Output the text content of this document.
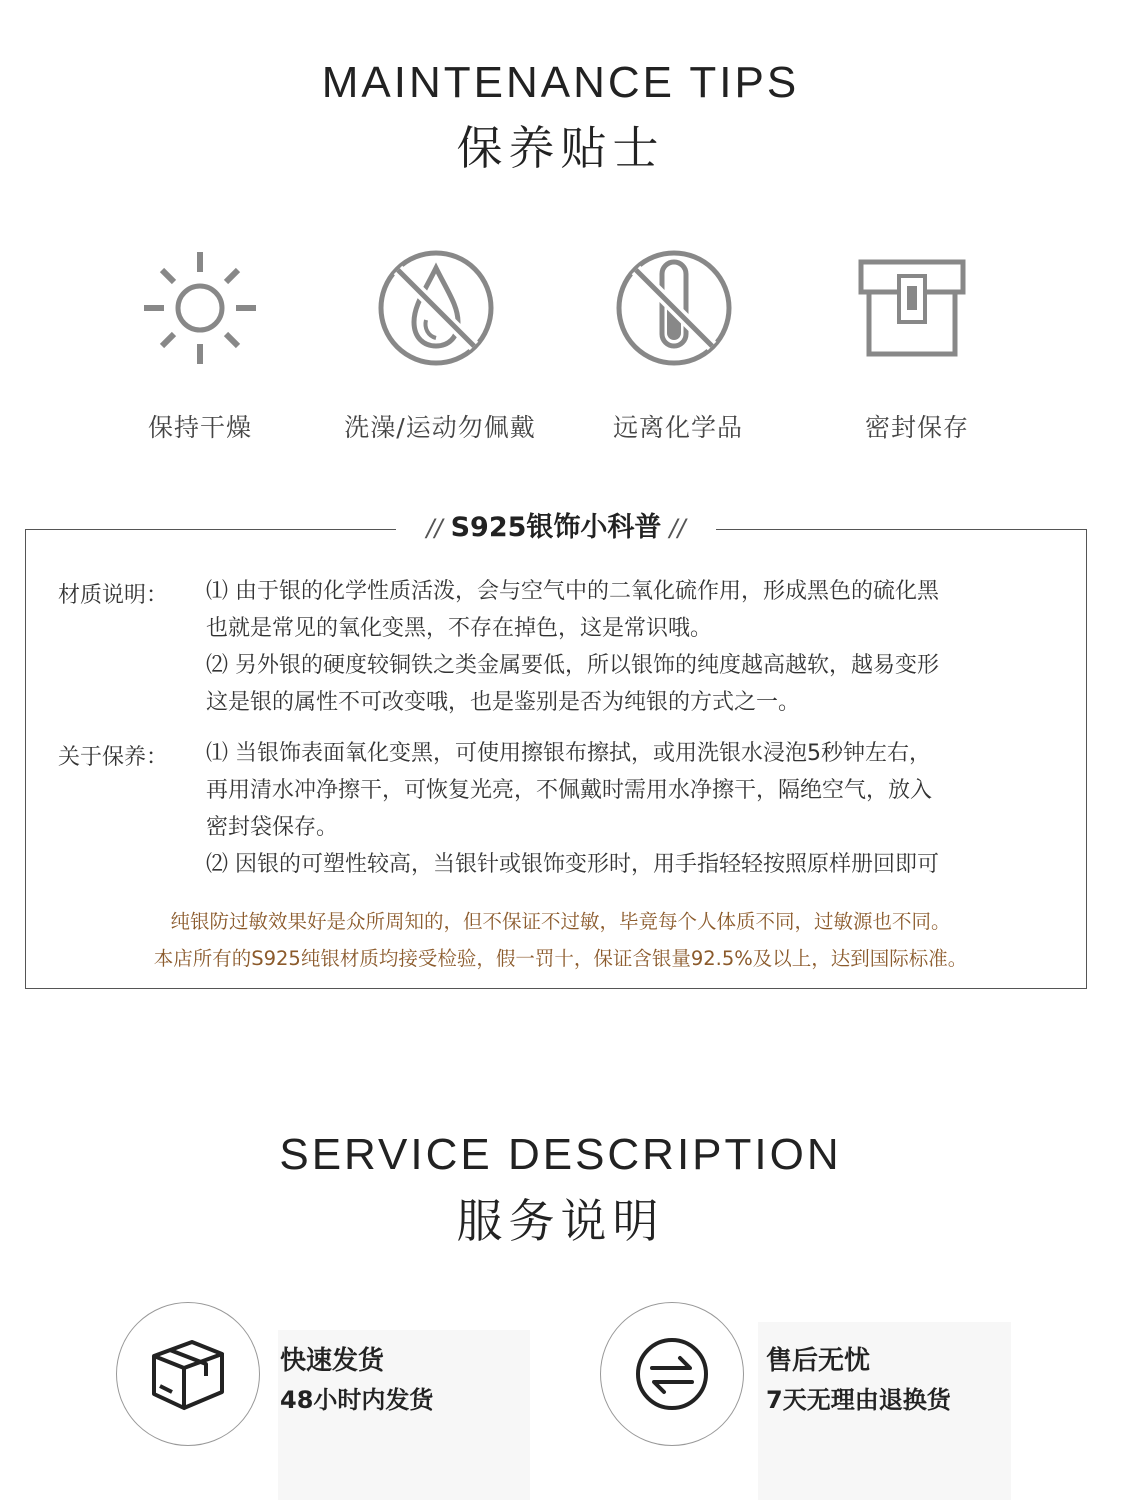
MAINTENANCE TIPS
保养贴士
保持干燥	洗澡/运动勿佩戴	远离化学品	密封保存
// S925银饰小科普 //
材质说明： ⑴ 由于银的化学性质活泼，会与空气中的二氧化硫作用，形成黑色的硫化黑
也就是常见的氧化变黑，不存在掉色，这是常识哦。
⑵ 另外银的硬度较铜铁之类金属要低，所以银饰的纯度越高越软，越易变形
这是银的属性不可改变哦，也是鉴别是否为纯银的方式之一。
关于保养： ⑴ 当银饰表面氧化变黑，可使用擦银布擦拭，或用洗银水浸泡5秒钟左右，
再用清水冲净擦干，可恢复光亮，不佩戴时需用水净擦干，隔绝空气，放入
密封袋保存。
⑵ 因银的可塑性较高，当银针或银饰变形时，用手指轻轻按照原样册回即可
纯银防过敏效果好是众所周知的，但不保证不过敏，毕竟每个人体质不同，过敏源也不同。
本店所有的S925纯银材质均接受检验，假一罚十，保证含银量92.5%及以上，达到国际标准。
SERVICE DESCRIPTION
服务说明
快速发货
48小时内发货
售后无忧
7天无理由退换货
